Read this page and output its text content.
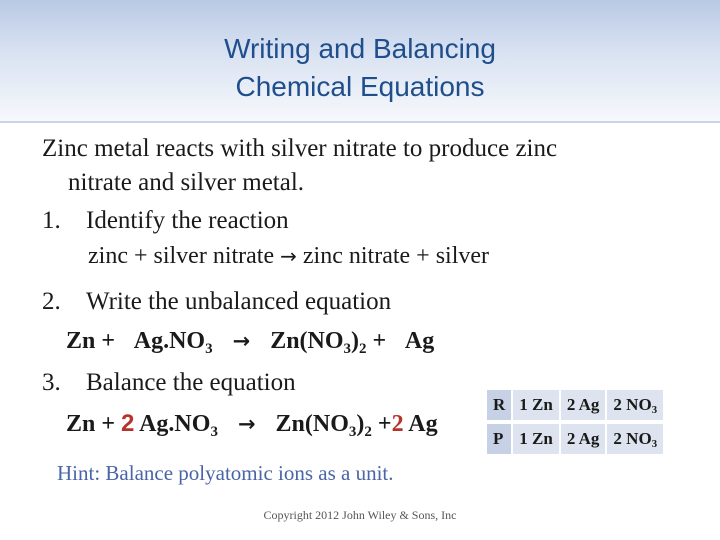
Writing and Balancing
Chemical Equations
Zinc metal reacts with silver nitrate to produce zinc
nitrate and silver metal.
1. Identify the reaction
zinc + silver nitrate → zinc nitrate + silver
2. Write the unbalanced equation
$Zn + Ag.NO_3 \to Zn(NO_3)_2 + Ag$
3. Balance the equation
Zn + 2 $Ag.NO_3 \to Zn(NO_3)_2 +2$ Ag
R	1 Zn	2 Ag	2 $NO_3$
P	1 Zn	2 Ag	2 $NO_3$
Hint: Balance polyatomic ions as a unit.
Copyright 2012 John Wiley & Sons, Inc
